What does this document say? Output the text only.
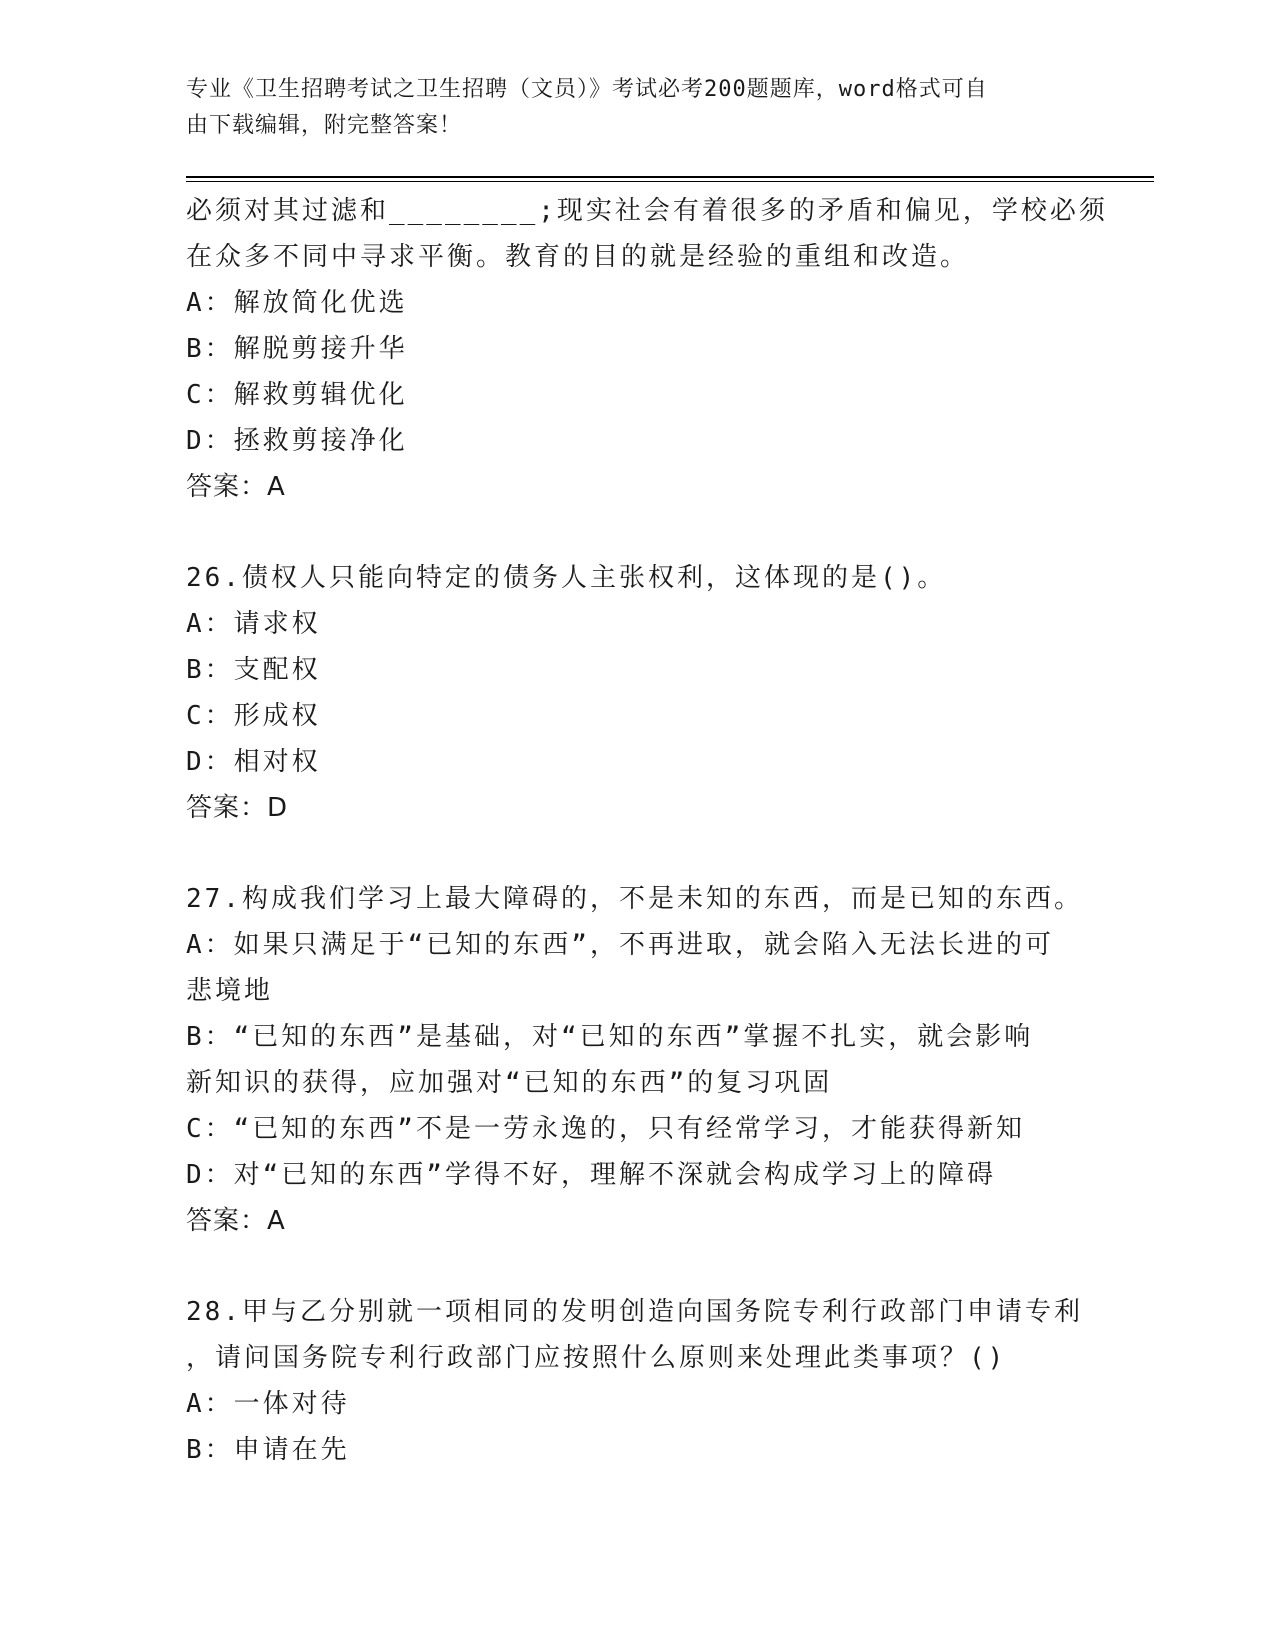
专业《卫生招聘考试之卫生招聘（文员）》考试必考200题题库，word格式可自
由下载编辑，附完整答案！
必须对其过滤和________;现实社会有着很多的矛盾和偏见，学校必须
在众多不同中寻求平衡。教育的目的就是经验的重组和改造。
A：解放简化优选
B：解脱剪接升华
C：解救剪辑优化
D：拯救剪接净化
答案：A
26.债权人只能向特定的债务人主张权利，这体现的是()。
A：请求权
B：支配权
C：形成权
D：相对权
答案：D
27.构成我们学习上最大障碍的，不是未知的东西，而是已知的东西。
A：如果只满足于“已知的东西”，不再进取，就会陷入无法长进的可
悲境地
B：“已知的东西”是基础，对“已知的东西”掌握不扎实，就会影响
新知识的获得，应加强对“已知的东西”的复习巩固
C：“已知的东西”不是一劳永逸的，只有经常学习，才能获得新知
D：对“已知的东西”学得不好，理解不深就会构成学习上的障碍
答案：A
28.甲与乙分别就一项相同的发明创造向国务院专利行政部门申请专利
，请问国务院专利行政部门应按照什么原则来处理此类事项？()
A：一体对待
B：申请在先
